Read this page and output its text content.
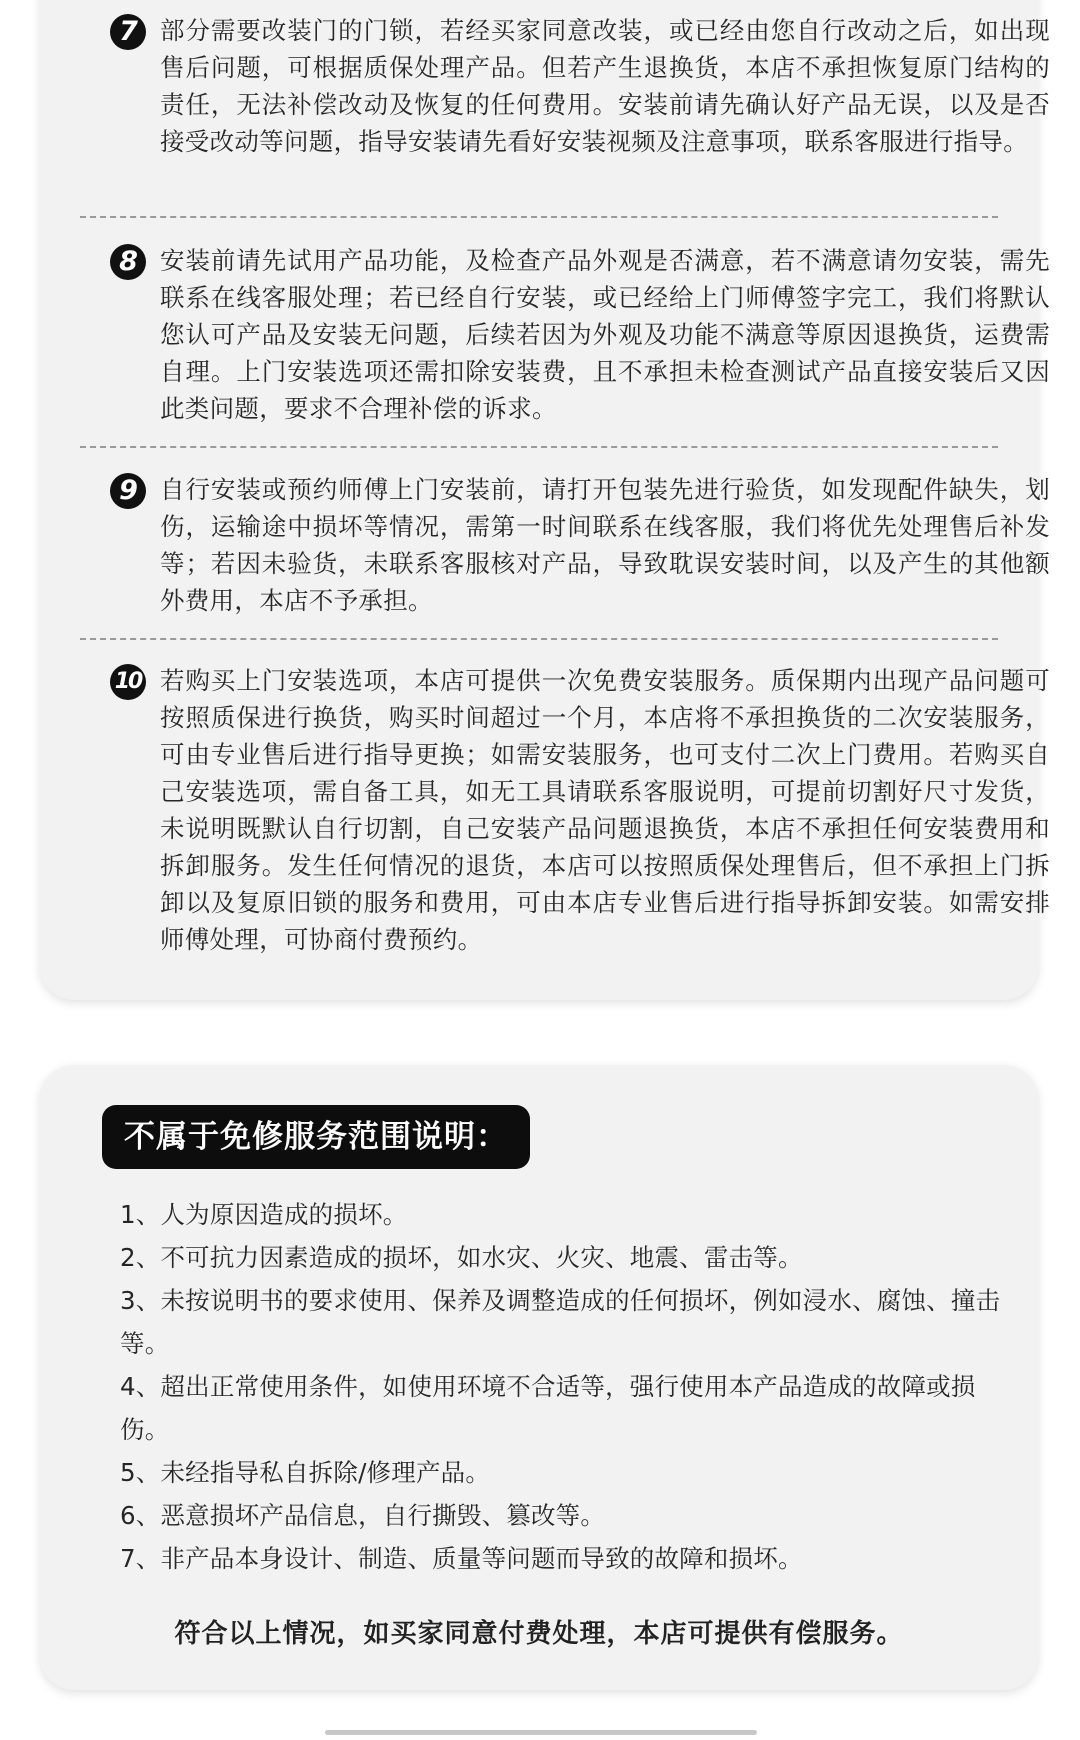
7 部分需要改装门的门锁，若经买家同意改装，或已经由您自行改动之后，如出现售后问题，可根据质保处理产品。但若产生退换货，本店不承担恢复原门结构的责任，无法补偿改动及恢复的任何费用。安装前请先确认好产品无误，以及是否接受改动等问题，指导安装请先看好安装视频及注意事项，联系客服进行指导。
8 安装前请先试用产品功能，及检查产品外观是否满意，若不满意请勿安装，需先联系在线客服处理；若已经自行安装，或已经给上门师傅签字完工，我们将默认您认可产品及安装无问题，后续若因为外观及功能不满意等原因退换货，运费需自理。上门安装选项还需扣除安装费，且不承担未检查测试产品直接安装后又因此类问题，要求不合理补偿的诉求。
9 自行安装或预约师傅上门安装前，请打开包装先进行验货，如发现配件缺失，划伤，运输途中损坏等情况，需第一时间联系在线客服，我们将优先处理售后补发等；若因未验货，未联系客服核对产品，导致耽误安装时间，以及产生的其他额外费用，本店不予承担。
10 若购买上门安装选项，本店可提供一次免费安装服务。质保期内出现产品问题可按照质保进行换货，购买时间超过一个月，本店将不承担换货的二次安装服务，可由专业售后进行指导更换；如需安装服务，也可支付二次上门费用。若购买自己安装选项，需自备工具，如无工具请联系客服说明，可提前切割好尺寸发货，未说明既默认自行切割，自己安装产品问题退换货，本店不承担任何安装费用和拆卸服务。发生任何情况的退货，本店可以按照质保处理售后，但不承担上门拆卸以及复原旧锁的服务和费用，可由本店专业售后进行指导拆卸安装。如需安排师傅处理，可协商付费预约。
不属于免修服务范围说明：
1、人为原因造成的损坏。
2、不可抗力因素造成的损坏，如水灾、火灾、地震、雷击等。
3、未按说明书的要求使用、保养及调整造成的任何损坏，例如浸水、腐蚀、撞击等。
4、超出正常使用条件，如使用环境不合适等，强行使用本产品造成的故障或损伤。
5、未经指导私自拆除/修理产品。
6、恶意损坏产品信息，自行撕毁、篡改等。
7、非产品本身设计、制造、质量等问题而导致的故障和损坏。
符合以上情况，如买家同意付费处理，本店可提供有偿服务。
